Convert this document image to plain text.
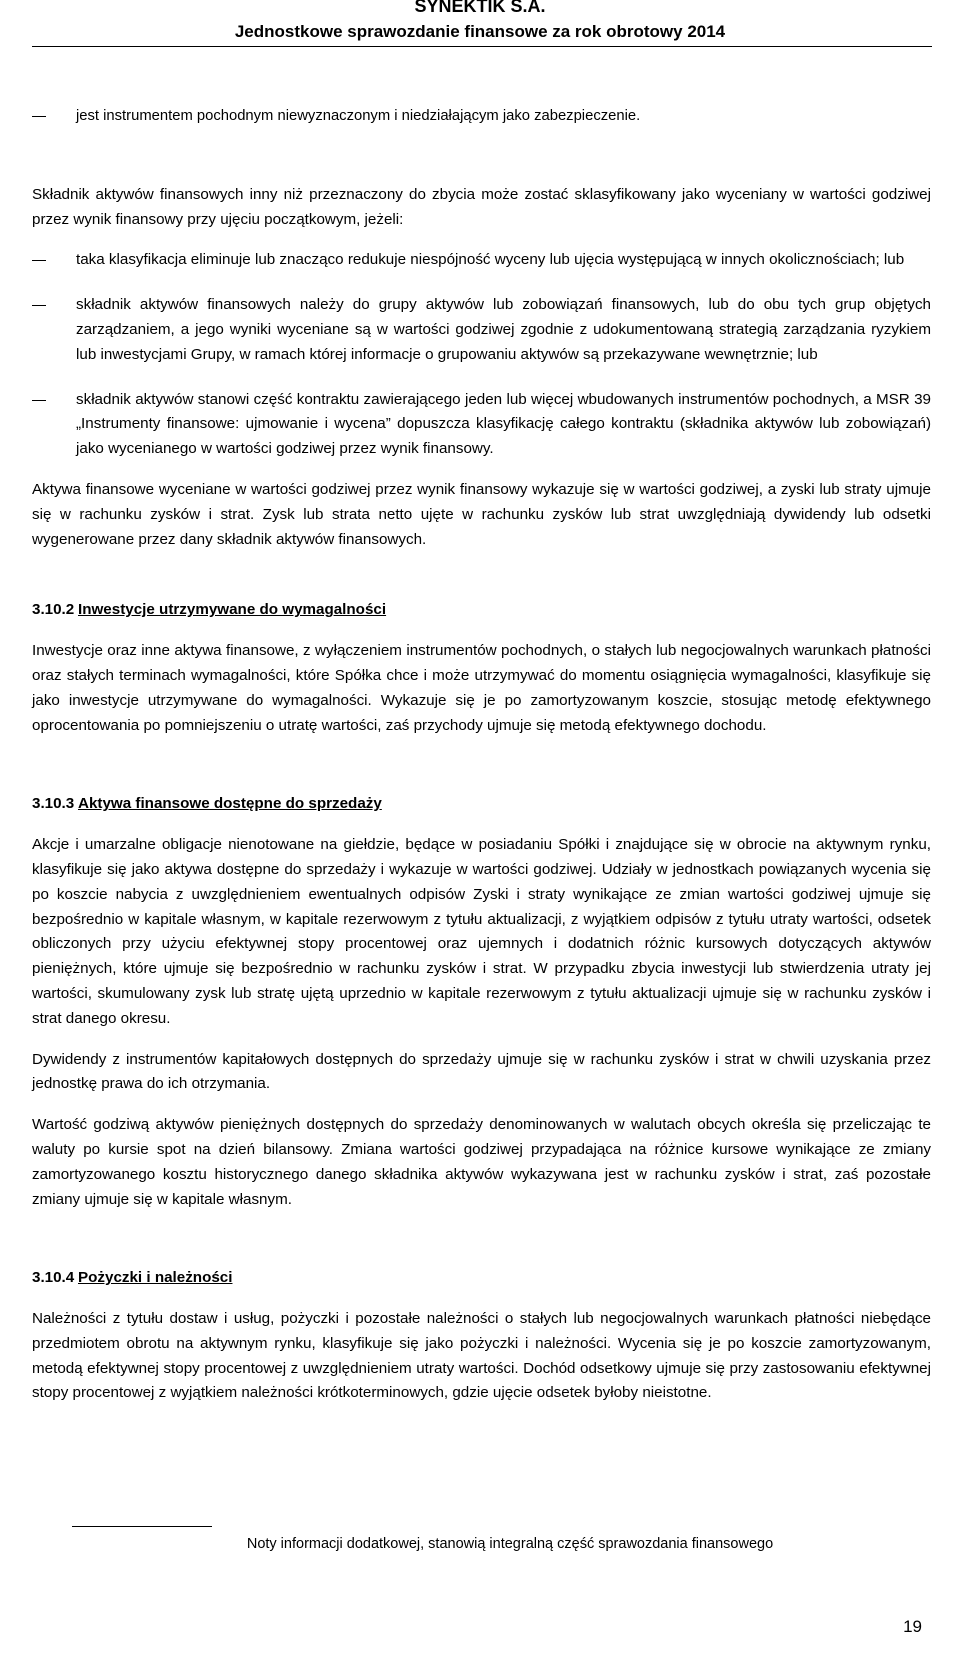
SYNEKTIK S.A.
Jednostkowe sprawozdanie finansowe za rok obrotowy 2014

jest instrumentem pochodnym niewyznaczonym i niedziałającym jako zabezpieczenie.

Składnik aktywów finansowych inny niż przeznaczony do zbycia może zostać sklasyfikowany jako wyceniany w wartości godziwej przez wynik finansowy przy ujęciu początkowym, jeżeli:

taka klasyfikacja eliminuje lub znacząco redukuje niespójność wyceny lub ujęcia występującą w innych okolicznościach; lub

składnik aktywów finansowych należy do grupy aktywów lub zobowiązań finansowych, lub do obu tych grup objętych zarządzaniem, a jego wyniki wyceniane są w wartości godziwej zgodnie z udokumentowaną strategią zarządzania ryzykiem lub inwestycjami Grupy, w ramach której informacje o grupowaniu aktywów są przekazywane wewnętrznie; lub

składnik aktywów stanowi część kontraktu zawierającego jeden lub więcej wbudowanych instrumentów pochodnych, a MSR 39 „Instrumenty finansowe: ujmowanie i wycena” dopuszcza klasyfikację całego kontraktu (składnika aktywów lub zobowiązań) jako wycenianego w wartości godziwej przez wynik finansowy.

Aktywa finansowe wyceniane w wartości godziwej przez wynik finansowy wykazuje się w wartości godziwej, a zyski lub straty ujmuje się w rachunku zysków i strat. Zysk lub strata netto ujęte w rachunku zysków lub strat uwzględniają dywidendy lub odsetki wygenerowane przez dany składnik aktywów finansowych.

3.10.2 Inwestycje utrzymywane do wymagalności

Inwestycje oraz inne aktywa finansowe, z wyłączeniem instrumentów pochodnych, o stałych lub negocjowalnych warunkach płatności oraz stałych terminach wymagalności, które Spółka chce i może utrzymywać do momentu osiągnięcia wymagalności, klasyfikuje się jako inwestycje utrzymywane do wymagalności. Wykazuje się je po zamortyzowanym koszcie, stosując metodę efektywnego oprocentowania po pomniejszeniu o utratę wartości, zaś przychody ujmuje się metodą efektywnego dochodu.

3.10.3 Aktywa finansowe dostępne do sprzedaży

Akcje i umarzalne obligacje nienotowane na giełdzie, będące w posiadaniu Spółki i znajdujące się w obrocie na aktywnym rynku, klasyfikuje się jako aktywa dostępne do sprzedaży i wykazuje w wartości godziwej. Udziały w jednostkach powiązanych wycenia się po koszcie nabycia z uwzględnieniem ewentualnych odpisów Zyski i straty wynikające ze zmian wartości godziwej ujmuje się bezpośrednio w kapitale własnym, w kapitale rezerwowym z tytułu aktualizacji, z wyjątkiem odpisów z tytułu utraty wartości, odsetek obliczonych przy użyciu efektywnej stopy procentowej oraz ujemnych i dodatnich różnic kursowych dotyczących aktywów pieniężnych, które ujmuje się bezpośrednio w rachunku zysków i strat. W przypadku zbycia inwestycji lub stwierdzenia utraty jej wartości, skumulowany zysk lub stratę ujętą uprzednio w kapitale rezerwowym z tytułu aktualizacji ujmuje się w rachunku zysków i strat danego okresu.

Dywidendy z instrumentów kapitałowych dostępnych do sprzedaży ujmuje się w rachunku zysków i strat w chwili uzyskania przez jednostkę prawa do ich otrzymania.

Wartość godziwą aktywów pieniężnych dostępnych do sprzedaży denominowanych w walutach obcych określa się przeliczając te waluty po kursie spot na dzień bilansowy. Zmiana wartości godziwej przypadająca na różnice kursowe wynikające ze zmiany zamortyzowanego kosztu historycznego danego składnika aktywów wykazywana jest w rachunku zysków i strat, zaś pozostałe zmiany ujmuje się w kapitale własnym.

3.10.4 Pożyczki i należności

Należności z tytułu dostaw i usług, pożyczki i pozostałe należności o stałych lub negocjowalnych warunkach płatności niebędące przedmiotem obrotu na aktywnym rynku, klasyfikuje się jako pożyczki i należności. Wycenia się je po koszcie zamortyzowanym, metodą efektywnej stopy procentowej z uwzględnieniem utraty wartości. Dochód odsetkowy ujmuje się przy zastosowaniu efektywnej stopy procentowej z wyjątkiem należności krótkoterminowych, gdzie ujęcie odsetek byłoby nieistotne.

Noty informacji dodatkowej, stanowią integralną część sprawozdania finansowego
19
